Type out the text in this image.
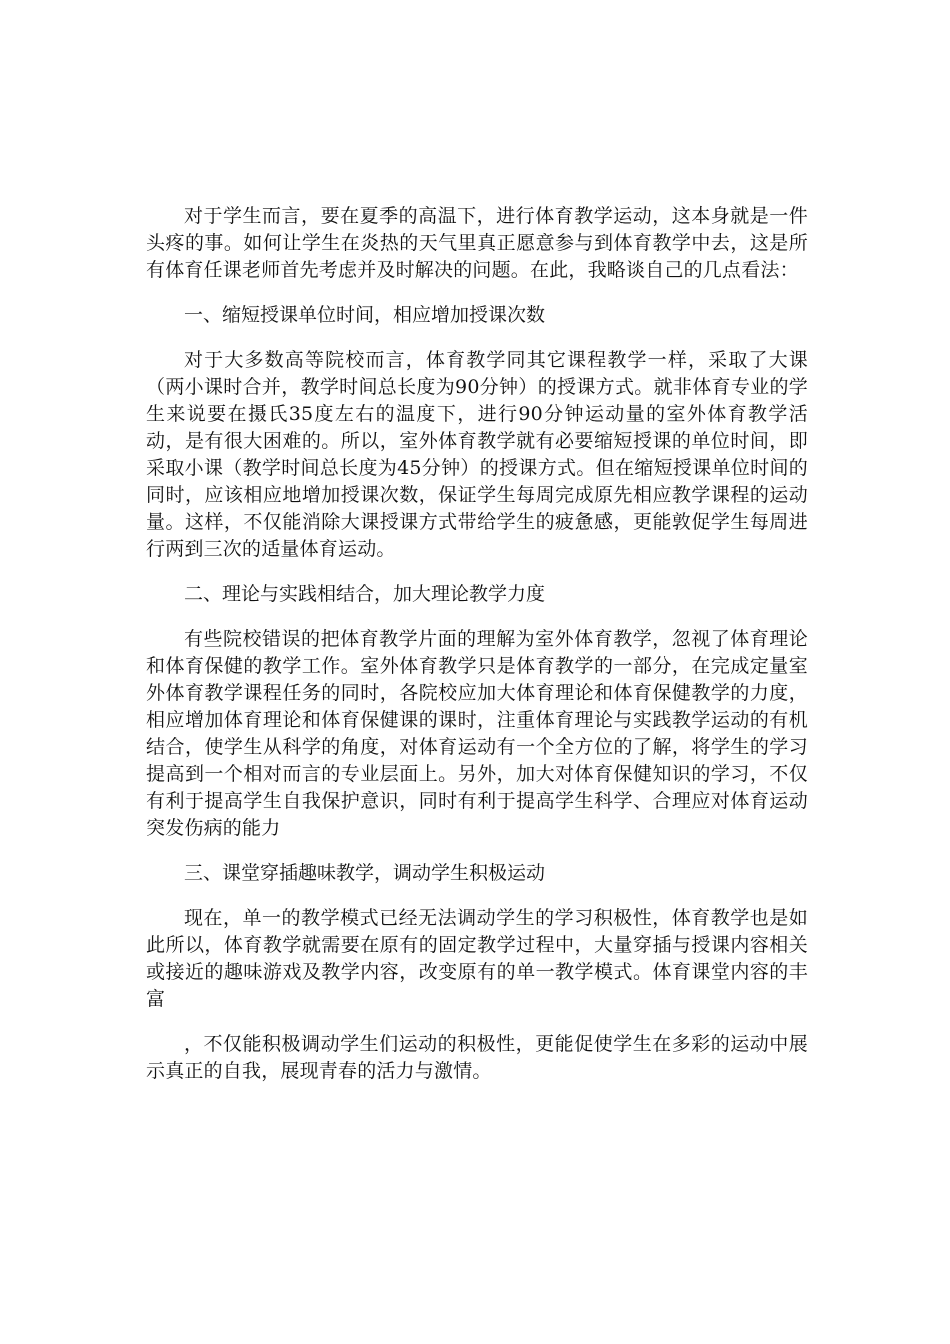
对于学生而言，要在夏季的高温下，进行体育教学运动，这本身就是一件头疼的事。如何让学生在炎热的天气里真正愿意参与到体育教学中去，这是所有体育任课老师首先考虑并及时解决的问题。在此，我略谈自己的几点看法：

一、缩短授课单位时间，相应增加授课次数

对于大多数高等院校而言，体育教学同其它课程教学一样，采取了大课（两小课时合并，教学时间总长度为90分钟）的授课方式。就非体育专业的学生来说要在摄氏35度左右的温度下，进行90分钟运动量的室外体育教学活动，是有很大困难的。所以，室外体育教学就有必要缩短授课的单位时间，即采取小课（教学时间总长度为45分钟）的授课方式。但在缩短授课单位时间的同时，应该相应地增加授课次数，保证学生每周完成原先相应教学课程的运动量。这样，不仅能消除大课授课方式带给学生的疲惫感，更能敦促学生每周进行两到三次的适量体育运动。

二、理论与实践相结合，加大理论教学力度

有些院校错误的把体育教学片面的理解为室外体育教学，忽视了体育理论和体育保健的教学工作。室外体育教学只是体育教学的一部分，在完成定量室外体育教学课程任务的同时，各院校应加大体育理论和体育保健教学的力度，相应增加体育理论和体育保健课的课时，注重体育理论与实践教学运动的有机结合，使学生从科学的角度，对体育运动有一个全方位的了解，将学生的学习提高到一个相对而言的专业层面上。另外，加大对体育保健知识的学习，不仅有利于提高学生自我保护意识，同时有利于提高学生科学、合理应对体育运动突发伤病的能力

三、课堂穿插趣味教学，调动学生积极运动

现在，单一的教学模式已经无法调动学生的学习积极性，体育教学也是如此所以，体育教学就需要在原有的固定教学过程中，大量穿插与授课内容相关或接近的趣味游戏及教学内容，改变原有的单一教学模式。体育课堂内容的丰富

，不仅能积极调动学生们运动的积极性，更能促使学生在多彩的运动中展示真正的自我，展现青春的活力与激情。
